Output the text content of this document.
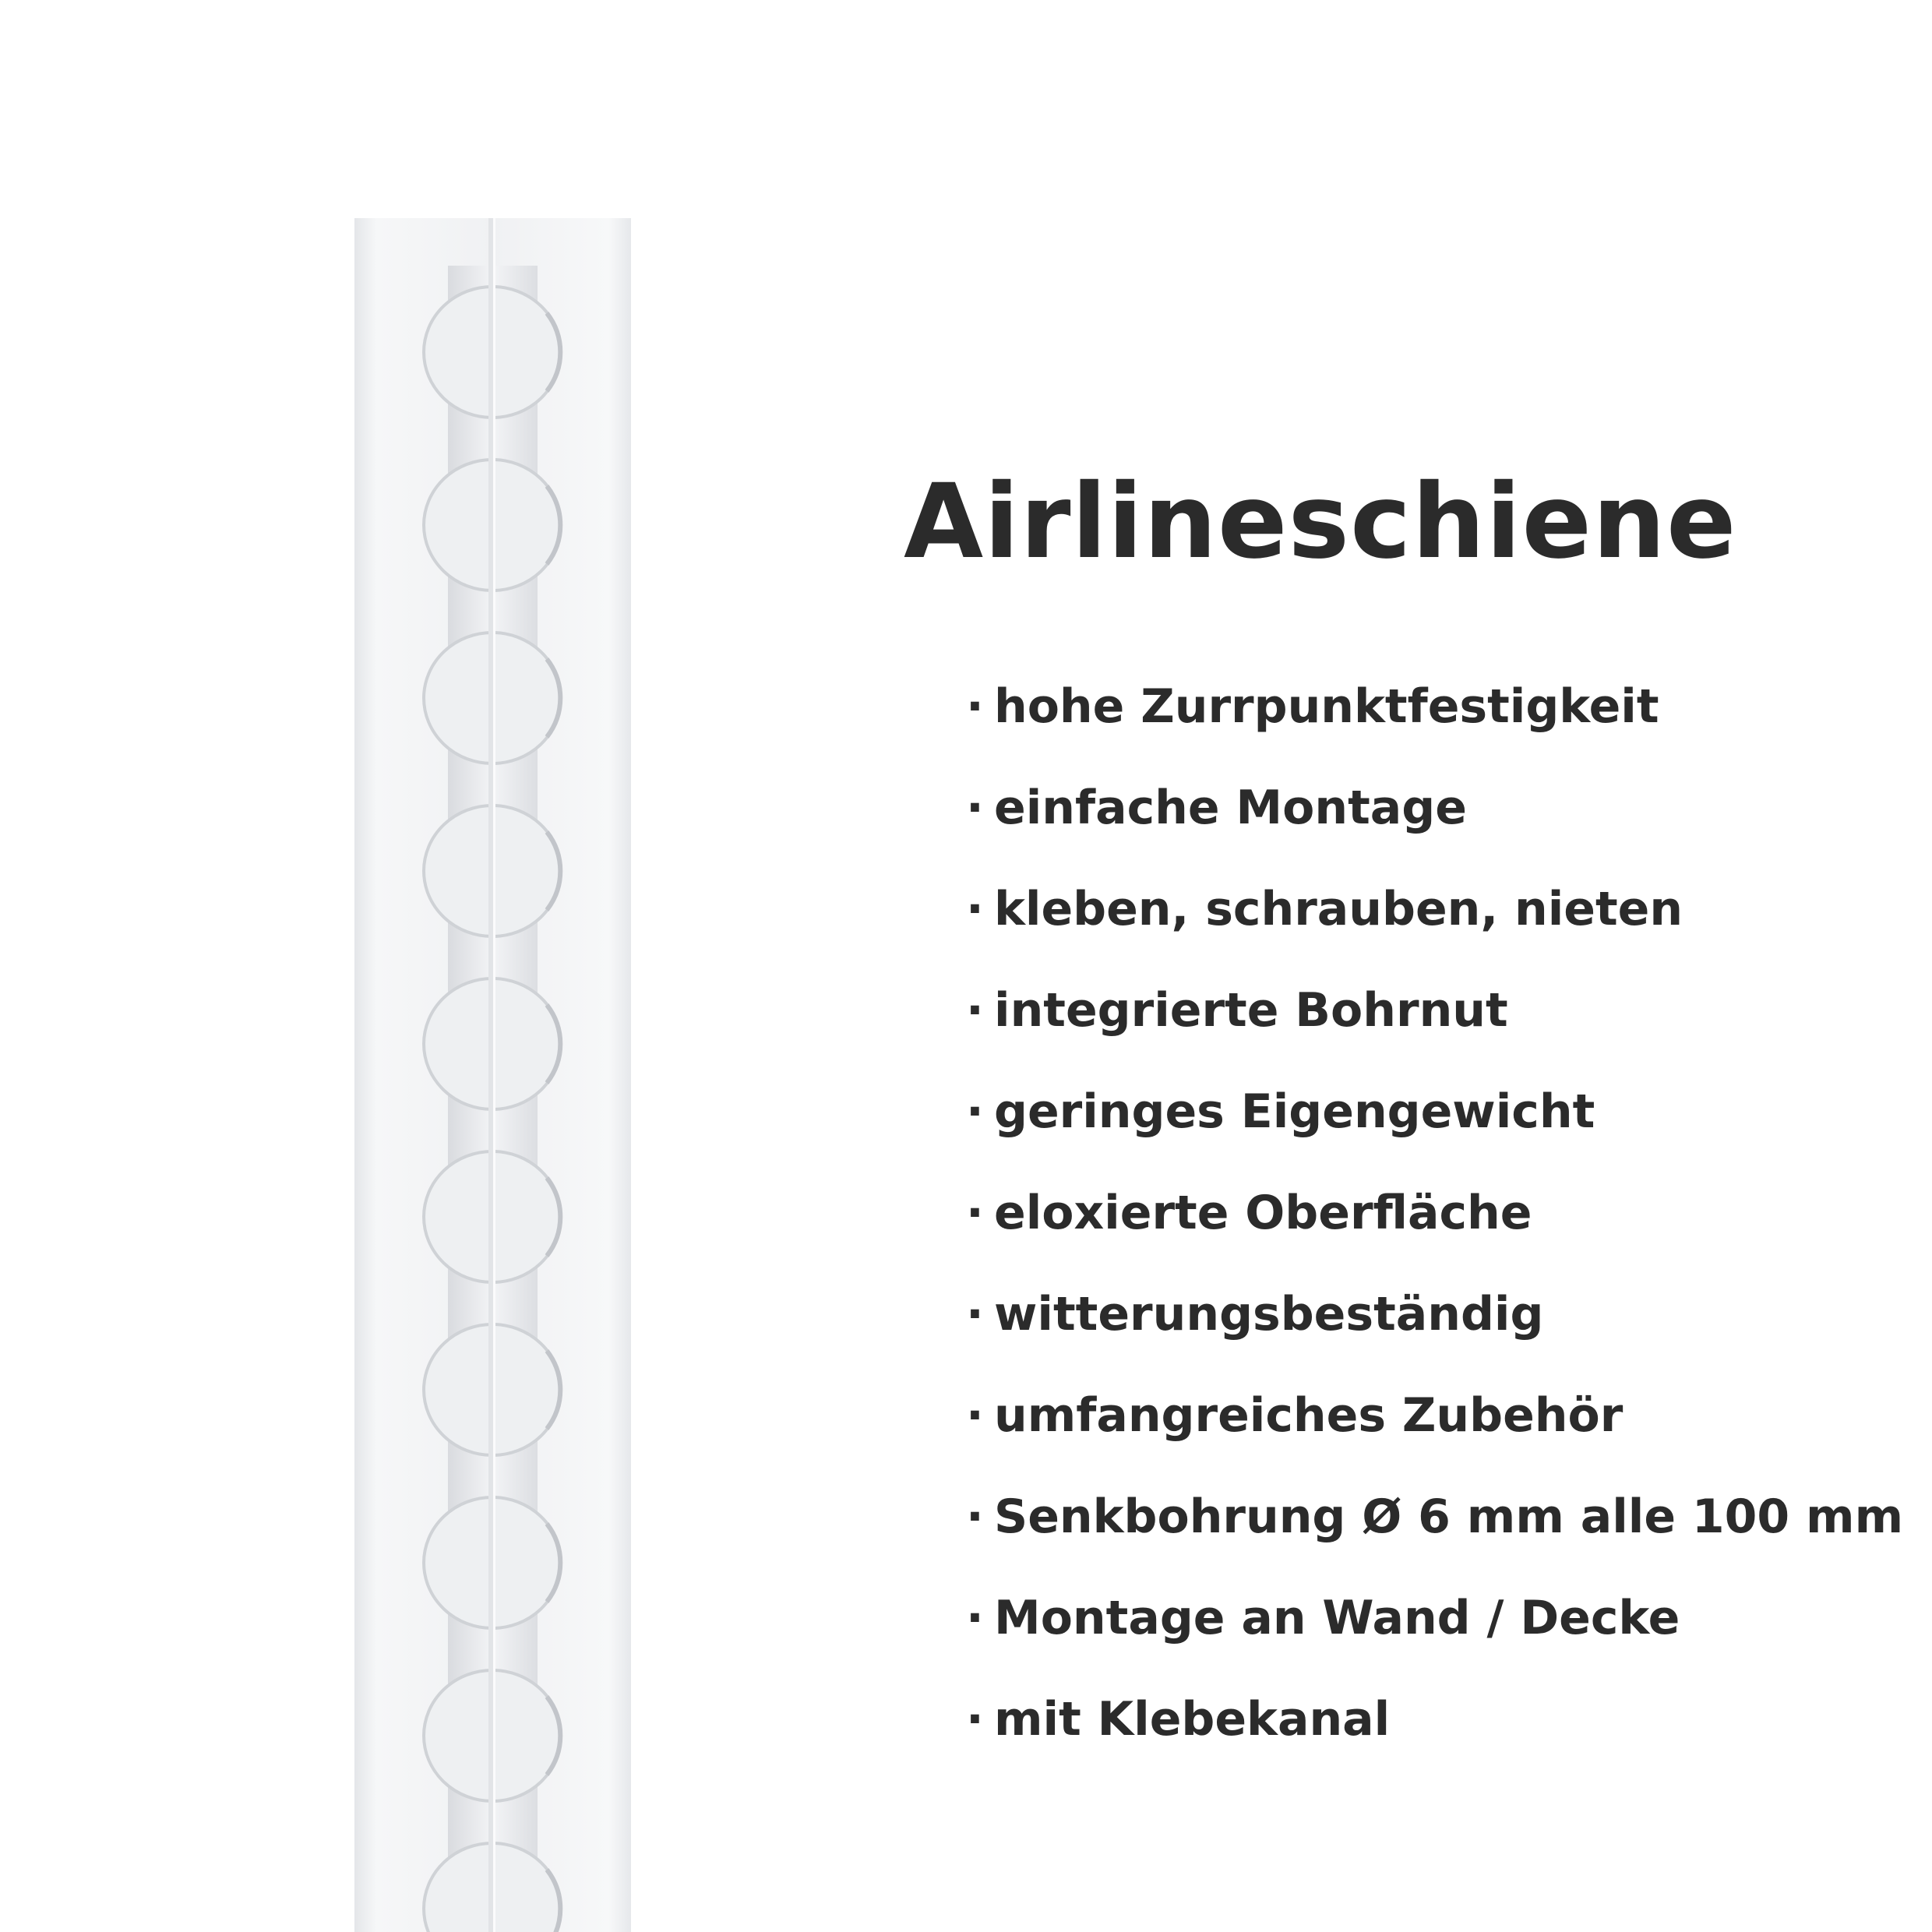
Airlineschiene
· hohe Zurrpunktfestigkeit
· einfache Montage
· kleben, schrauben, nieten
· integrierte Bohrnut
· geringes Eigengewicht
· eloxierte Oberfläche
· witterungsbeständig
· umfangreiches Zubehör
· Senkbohrung Ø 6 mm alle 100 mm
· Montage an Wand / Decke
· mit Klebekanal
